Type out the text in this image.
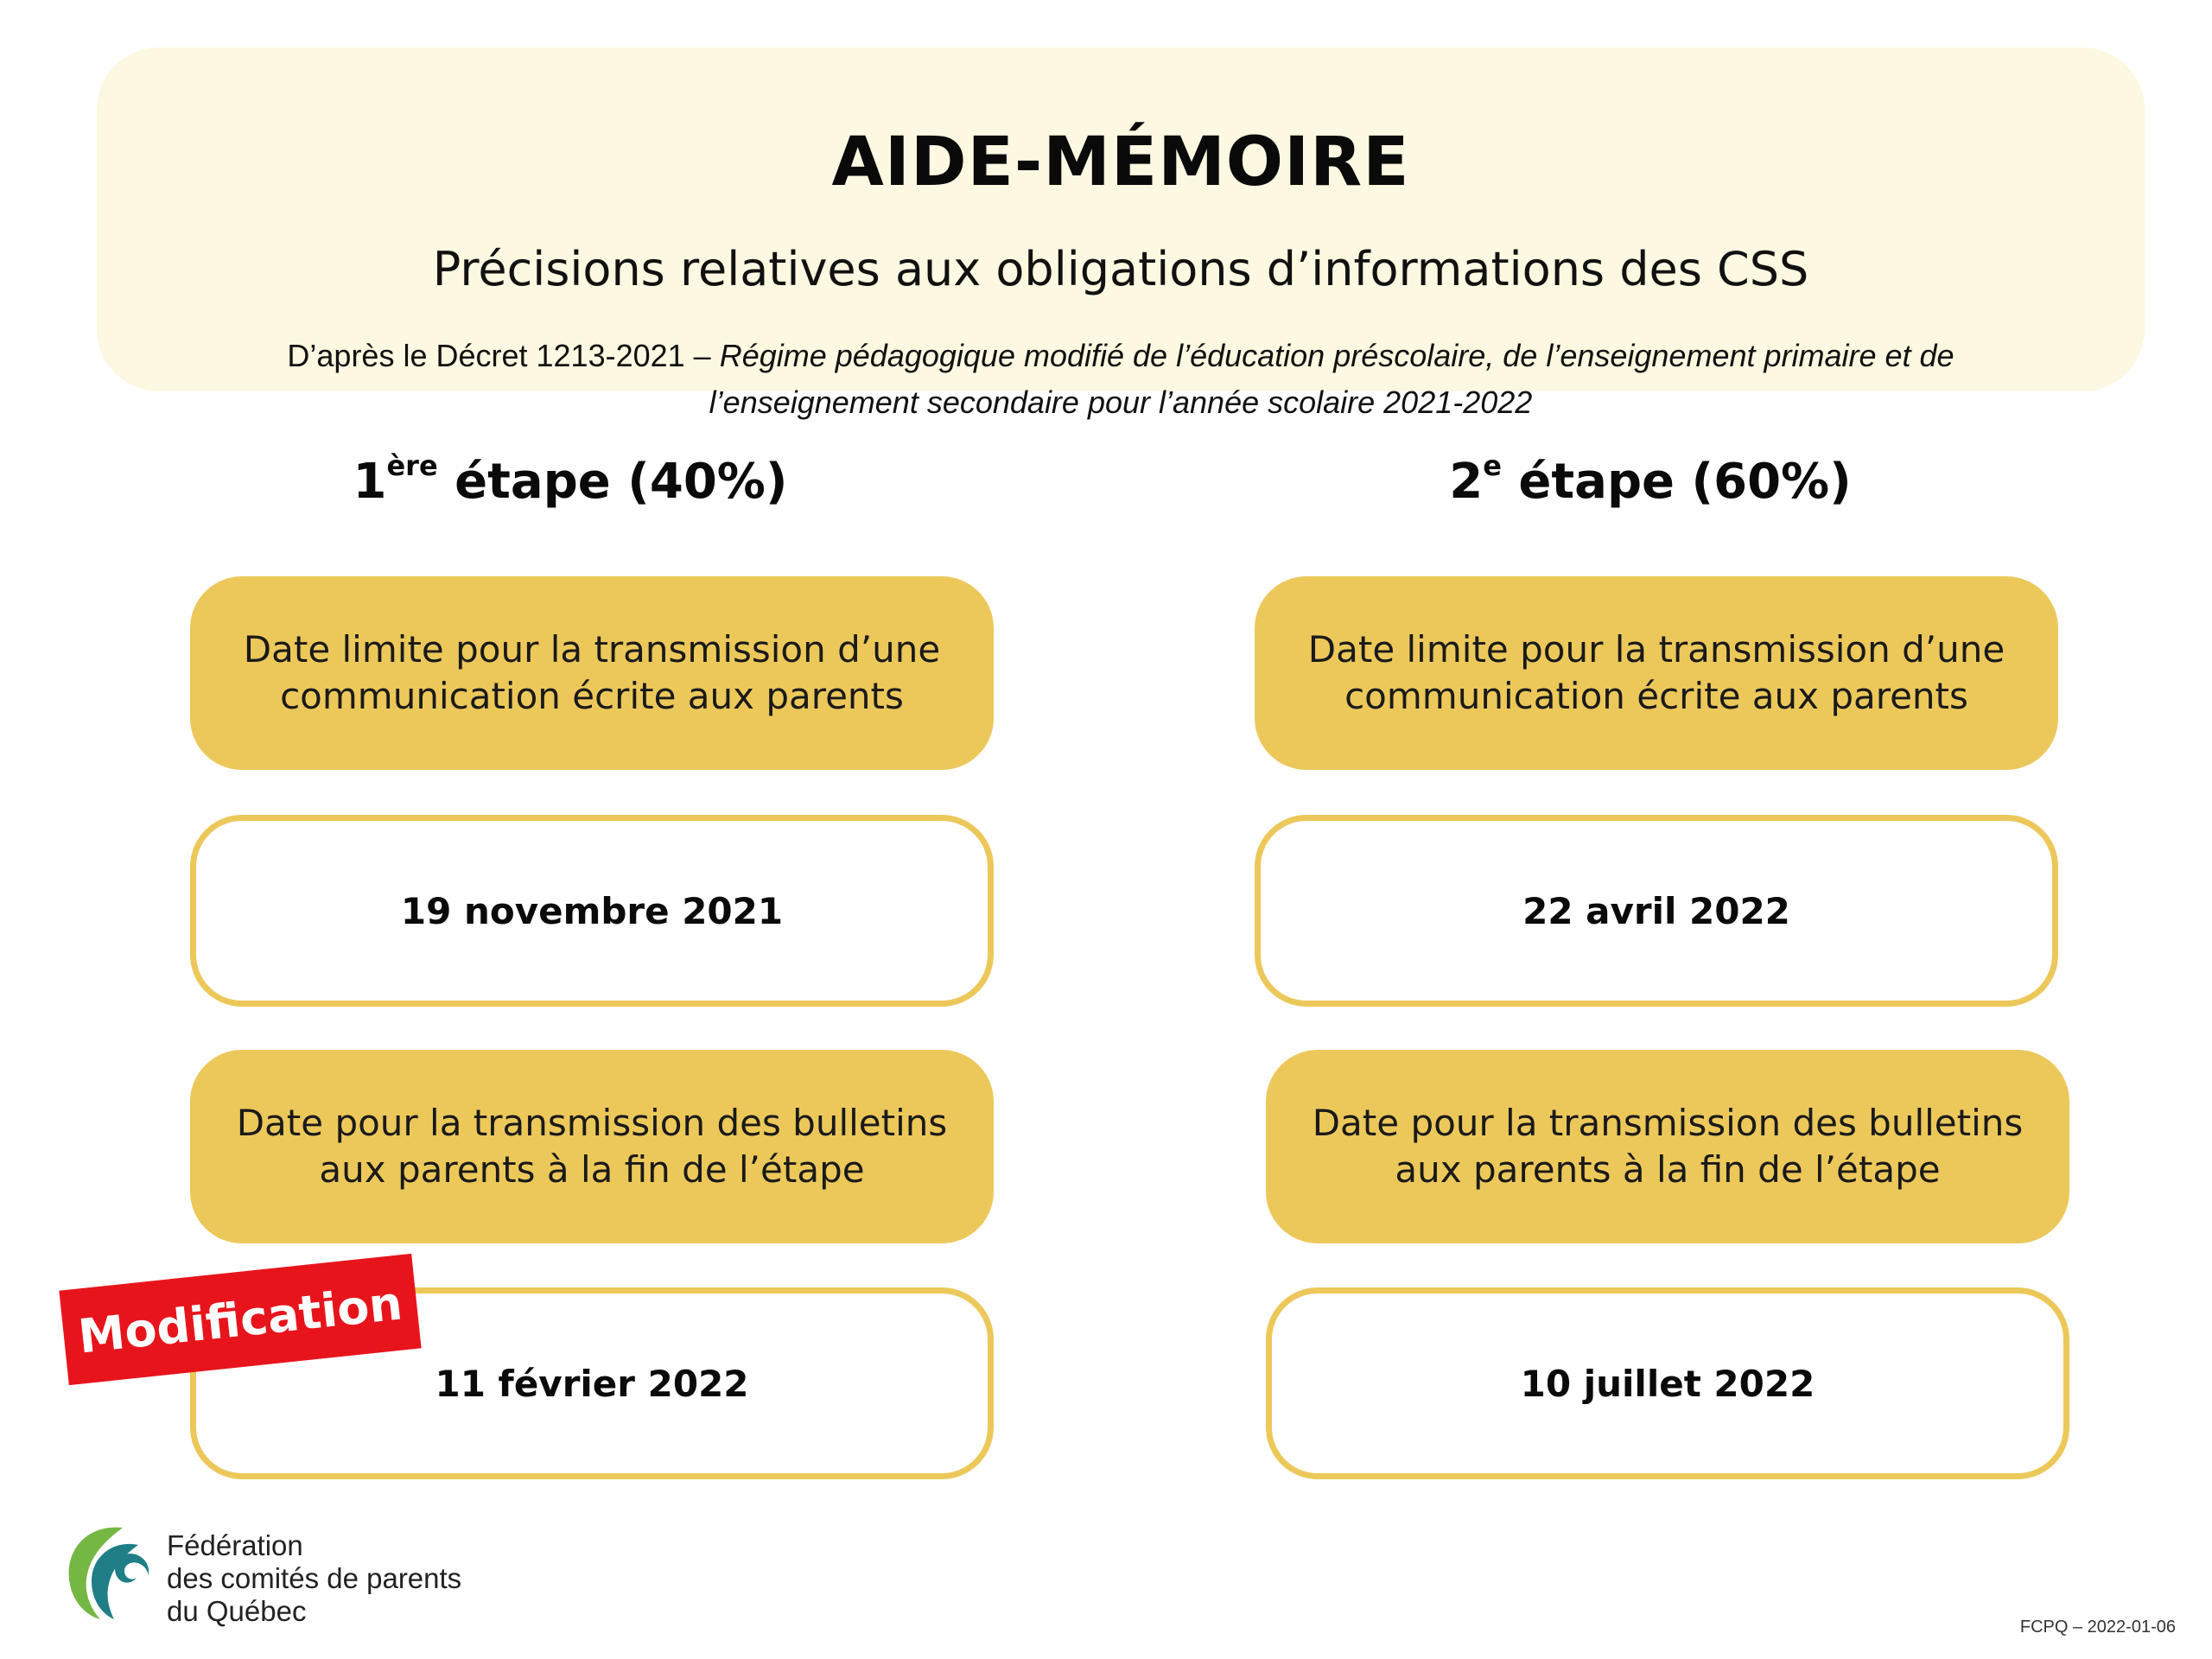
AIDE-MÉMOIRE
Précisions relatives aux obligations d’informations des CSS
D’après le Décret 1213-2021 – Régime pédagogique modifié de l’éducation préscolaire, de l’enseignement primaire et de l’enseignement secondaire pour l’année scolaire 2021-2022
1ère étape (40%)
Date limite pour la transmission d’une communication écrite aux parents
19 novembre 2021
Date pour la transmission des bulletins aux parents à la fin de l’étape
11 février 2022
2e étape (60%)
Date limite pour la transmission d’une communication écrite aux parents
22 avril 2022
Date pour la transmission des bulletins aux parents à la fin de l’étape
10 juillet 2022
Modification
Fédération
des comités de parents
du Québec	FCPQ – 2022-01-06
